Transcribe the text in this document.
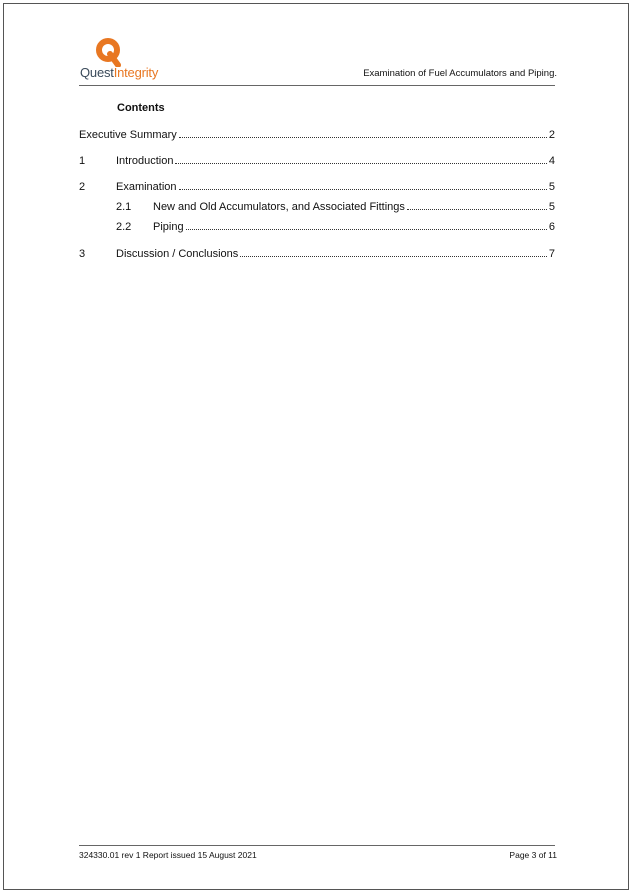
QuestIntegrity	Examination of Fuel Accumulators and Piping.
Contents
Executive Summary	2
1	Introduction	4
2	Examination	5
2.1	New and Old Accumulators, and Associated Fittings	5
2.2	Piping	6
3	Discussion / Conclusions	7
324330.01 rev 1 Report issued 15 August 2021	Page 3 of 11
